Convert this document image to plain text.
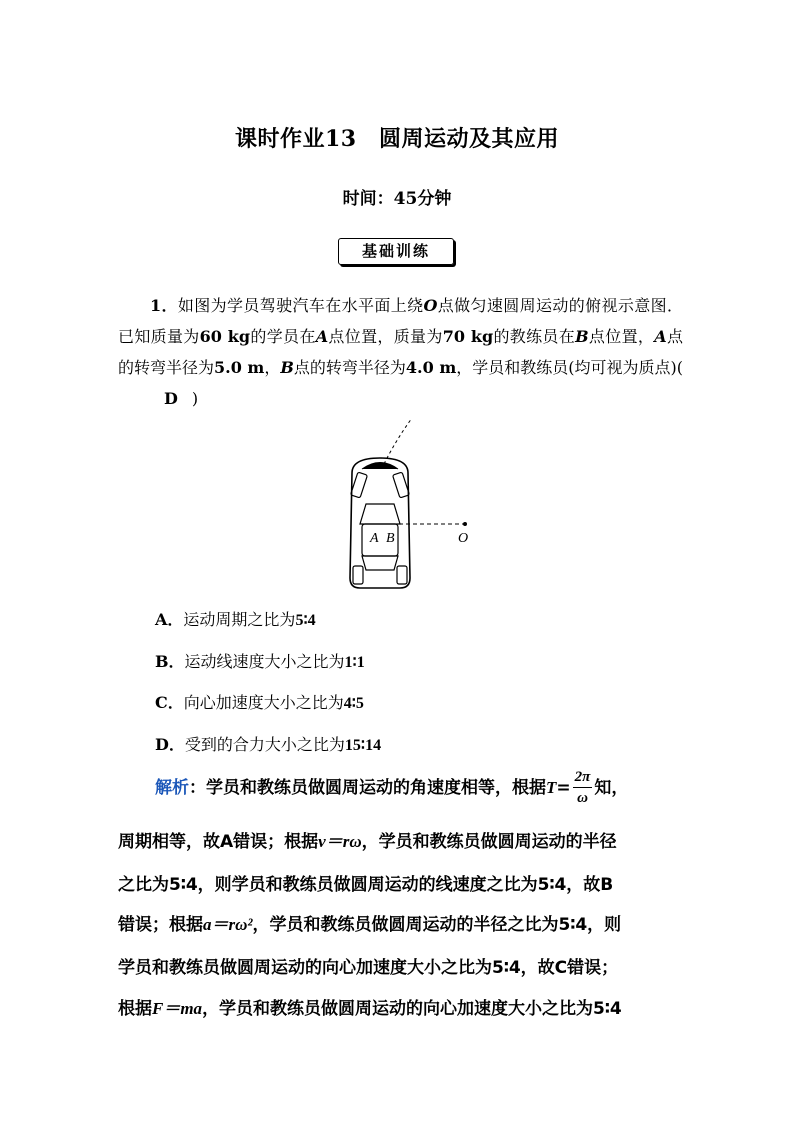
课时作业13　圆周运动及其应用
时间：45分钟
基础训练
1．如图为学员驾驶汽车在水平面上绕O点做匀速圆周运动的俯视示意图．已知质量为60 kg的学员在A点位置，质量为70 kg的教练员在B点位置，A点的转弯半径为5.0 m，B点的转弯半径为4.0 m，学员和教练员(均可视为质点)(D )
A B	O
A．运动周期之比为5∶4
B．运动线速度大小之比为1∶1
C．向心加速度大小之比为4∶5
D．受到的合力大小之比为15∶14
解析：学员和教练员做圆周运动的角速度相等，根据$T= \frac{2\pi}{\omega}$ 知，
周期相等，故A错误；根据v＝rω，学员和教练员做圆周运动的半径
之比为5∶4，则学员和教练员做圆周运动的线速度之比为5∶4，故B
错误；根据a＝rω²，学员和教练员做圆周运动的半径之比为5∶4，则
学员和教练员做圆周运动的向心加速度大小之比为5∶4，故C错误；
根据F＝ma，学员和教练员做圆周运动的向心加速度大小之比为5∶4
